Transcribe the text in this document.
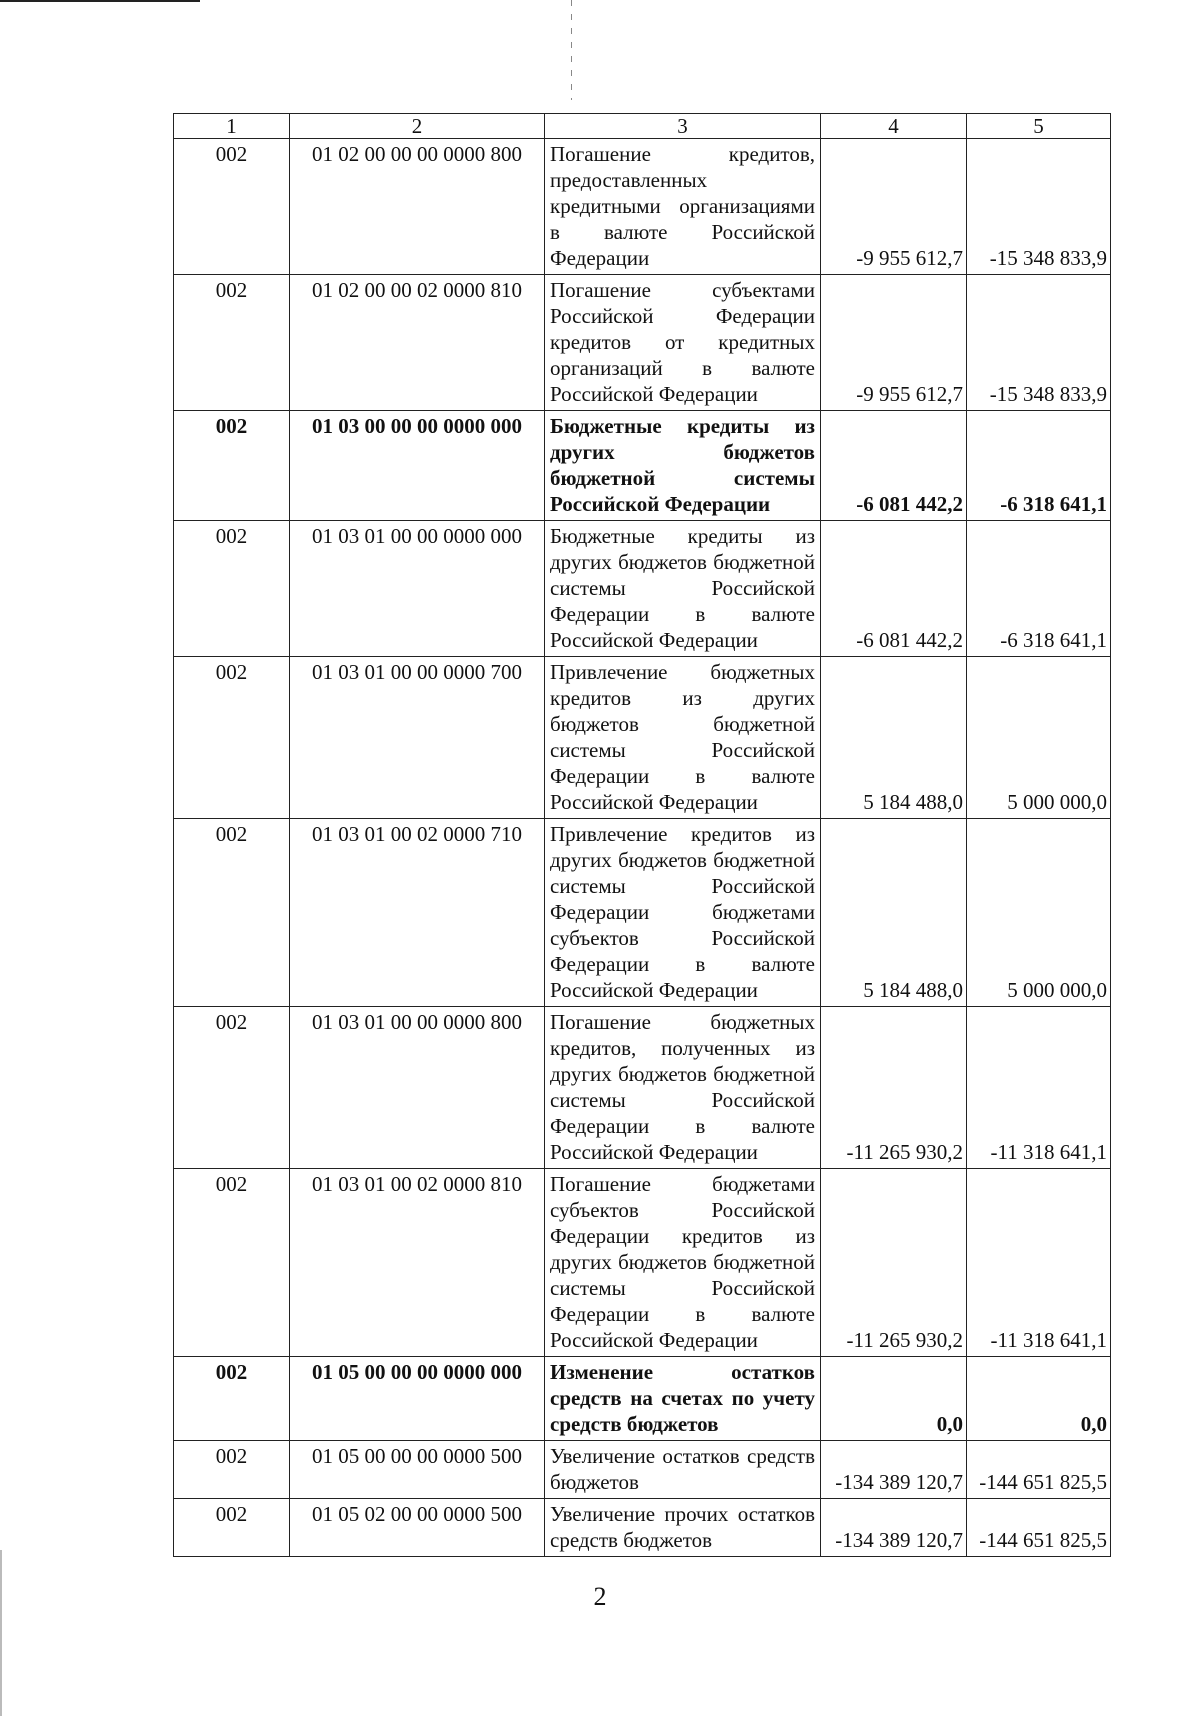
1	2	3	4	5
002	01 02 00 00 00 0000 800	Погашение кредитов, предоставленных кредитными организациями в валюте Российской Федерации	-9 955 612,7	-15 348 833,9
002	01 02 00 00 02 0000 810	Погашение субъектами Российской Федерации кредитов от кредитных организаций в валюте Российской Федерации	-9 955 612,7	-15 348 833,9
002	01 03 00 00 00 0000 000	Бюджетные кредиты из других бюджетов бюджетной системы Российской Федерации	-6 081 442,2	-6 318 641,1
002	01 03 01 00 00 0000 000	Бюджетные кредиты из других бюджетов бюджетной системы Российской Федерации в валюте Российской Федерации	-6 081 442,2	-6 318 641,1
002	01 03 01 00 00 0000 700	Привлечение бюджетных кредитов из других бюджетов бюджетной системы Российской Федерации в валюте Российской Федерации	5 184 488,0	5 000 000,0
002	01 03 01 00 02 0000 710	Привлечение кредитов из других бюджетов бюджетной системы Российской Федерации бюджетами субъектов Российской Федерации в валюте Российской Федерации	5 184 488,0	5 000 000,0
002	01 03 01 00 00 0000 800	Погашение бюджетных кредитов, полученных из других бюджетов бюджетной системы Российской Федерации в валюте Российской Федерации	-11 265 930,2	-11 318 641,1
002	01 03 01 00 02 0000 810	Погашение бюджетами субъектов Российской Федерации кредитов из других бюджетов бюджетной системы Российской Федерации в валюте Российской Федерации	-11 265 930,2	-11 318 641,1
002	01 05 00 00 00 0000 000	Изменение остатков средств на счетах по учету средств бюджетов	0,0	0,0
002	01 05 00 00 00 0000 500	Увеличение остатков средств бюджетов	-134 389 120,7	-144 651 825,5
002	01 05 02 00 00 0000 500	Увеличение прочих остатков средств бюджетов	-134 389 120,7	-144 651 825,5
2
